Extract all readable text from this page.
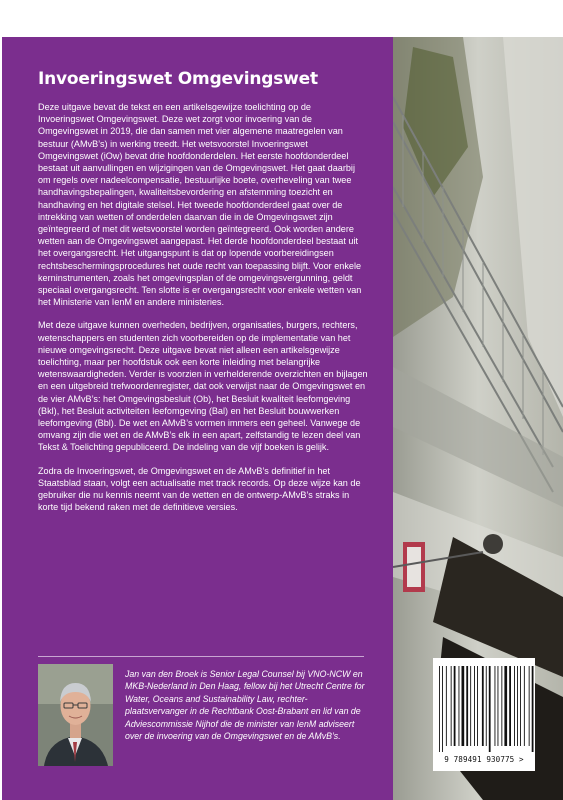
Invoeringswet Omgevingswet

Deze uitgave bevat de tekst en een artikelsgewijze toelichting op de Invoeringswet Omgevingswet. Deze wet zorgt voor invoering van de Omgevingswet in 2019, die dan samen met vier algemene maatregelen van bestuur (AMvB’s) in werking treedt. Het wetsvoorstel Invoeringswet Omgevingswet (iOw) bevat drie hoofdonderdelen. Het eerste hoofdonderdeel bestaat uit aanvullingen en wijzigingen van de Omgevingswet. Het gaat daarbij om regels over nadeelcompensatie, bestuurlijke boete, overheveling van twee handhavingsbepalingen, kwaliteitsbevordering en afstemming toezicht en handhaving en het digitale stelsel. Het tweede hoofdonderdeel gaat over de intrekking van wetten of onderdelen daarvan die in de Omgevingswet zijn geïntegreerd of met dit wetsvoorstel worden geïntegreerd. Ook worden andere wetten aan de Omgevingswet aangepast. Het derde hoofdonderdeel bestaat uit het overgangsrecht. Het uitgangspunt is dat op lopende voorbereidingsen rechtsbeschermingsprocedures het oude recht van toepassing blijft. Voor enkele kerninstrumenten, zoals het omgevingsplan of de omgevingsvergunning, geldt speciaal overgangsrecht. Ten slotte is er overgangsrecht voor enkele wetten van het Ministerie van IenM en andere ministeries.

Met deze uitgave kunnen overheden, bedrijven, organisaties, burgers, rechters, wetenschappers en studenten zich voorbereiden op de implementatie van het nieuwe omgevingsrecht. Deze uitgave bevat niet alleen een artikelsgewijze toelichting, maar per hoofdstuk ook een korte inleiding met belangrijke wetenswaardigheden. Verder is voorzien in verhelderende overzichten en bijlagen en een uitgebreid trefwoordenregister, dat ook verwijst naar de Omgevingswet en de vier AMvB’s: het Omgevingsbesluit (Ob), het Besluit kwaliteit leefomgeving (Bkl), het Besluit activiteiten leefomgeving (Bal) en het Besluit bouwwerken leefomgeving (Bbl). De wet en AMvB’s vormen immers een geheel. Vanwege de omvang zijn die wet en de AMvB’s elk in een apart, zelfstandig te lezen deel van Tekst & Toelichting gepubliceerd. De indeling van de vijf boeken is gelijk.

Zodra de Invoeringswet, de Omgevingswet en de AMvB’s definitief in het Staatsblad staan, volgt een actualisatie met track records. Op deze wijze kan de gebruiker die nu kennis neemt van de wetten en de ontwerp-AMvB’s straks in korte tijd bekend raken met de definitieve versies.

Jan van den Broek is Senior Legal Counsel bij VNO-NCW en MKB-Nederland in Den Haag, fellow bij het Utrecht Centre for Water, Oceans and Sustainability Law, rechter-plaatsvervanger in de Rechtbank Oost-Brabant en lid van de Adviescommissie Nijhof die de minister van IenM adviseert over de invoering van de Omgevingswet en de AMvB’s.
9 789491 930775 >
